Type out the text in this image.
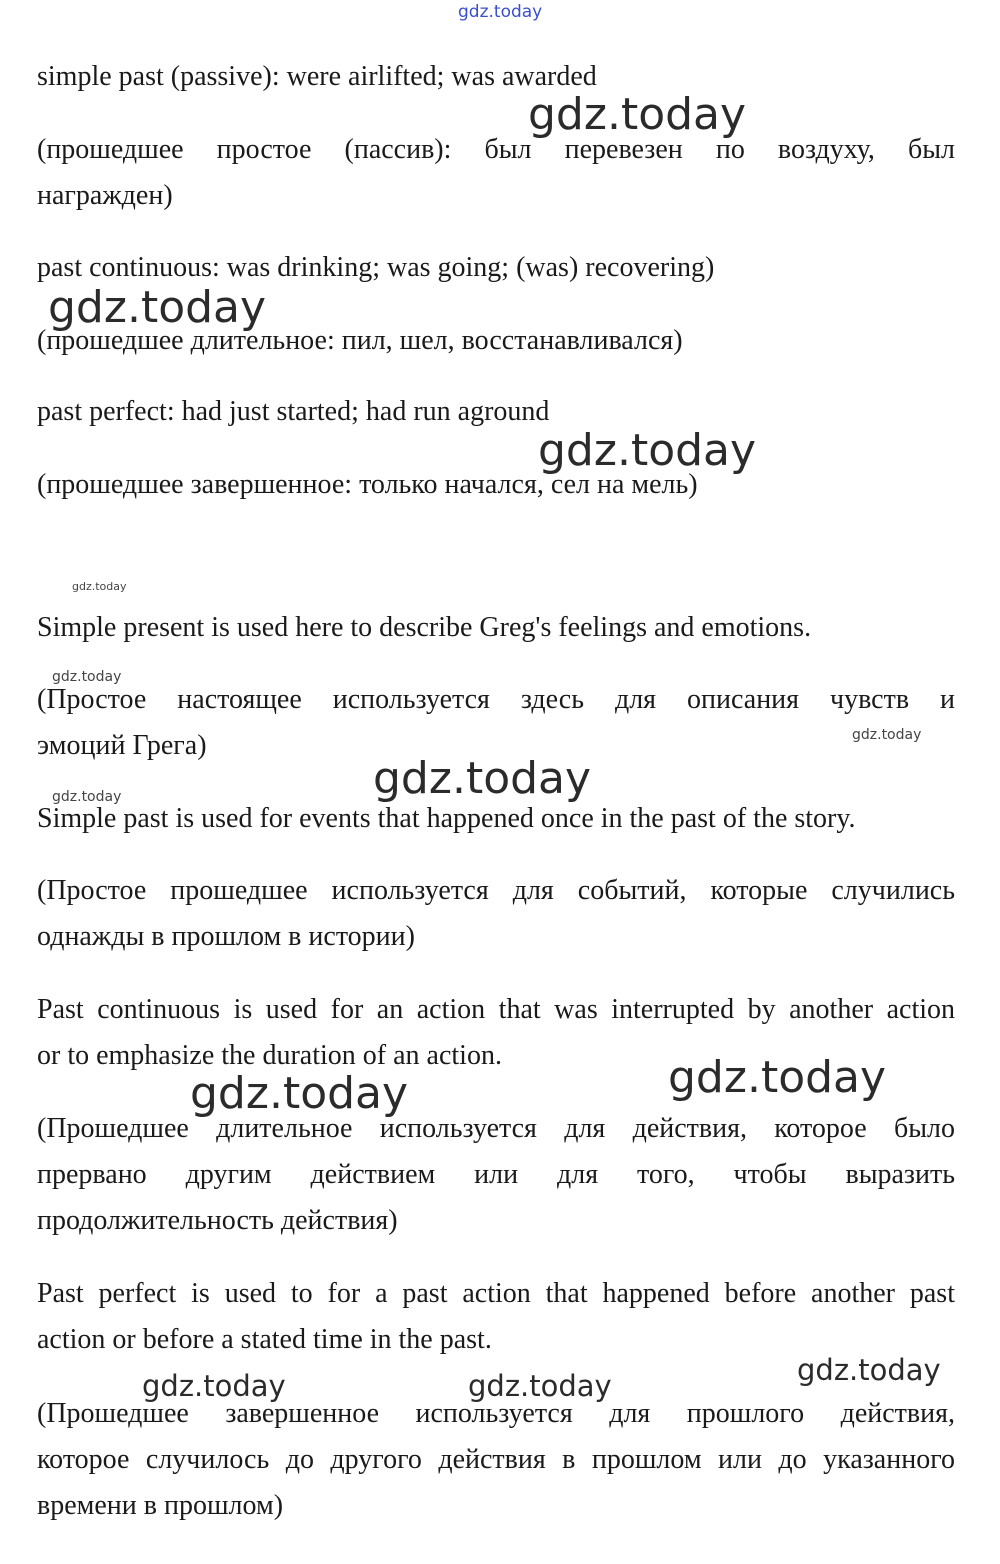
gdz.today
gdz.today
gdz.today
gdz.today
gdz.today
gdz.today
gdz.today
gdz.today
gdz.today
gdz.today
gdz.today
gdz.today
gdz.today	gdz.today
simple past (passive): were airlifted; was awarded
(прошедшее простое (пассив): был перевезен по воздуху, был
награжден)
past continuous: was drinking; was going; (was) recovering)
(прошедшее длительное: пил, шел, восстанавливался)
past perfect: had just started; had run aground
(прошедшее завершенное: только начался, сел на мель)
Simple present is used here to describe Greg's feelings and emotions.
(Простое настоящее используется здесь для описания чувств и
эмоций Грега)
Simple past is used for events that happened once in the past of the story.
(Простое прошедшее используется для событий, которые случились
однажды в прошлом в истории)
Past continuous is used for an action that was interrupted by another action
or to emphasize the duration of an action.
(Прошедшее длительное используется для действия, которое было
прервано другим действием или для того, чтобы выразить
продолжительность действия)
Past perfect is used to for a past action that happened before another past
action or before a stated time in the past.
(Прошедшее завершенное используется для прошлого действия,
которое случилось до другого действия в прошлом или до указанного
времени в прошлом)
